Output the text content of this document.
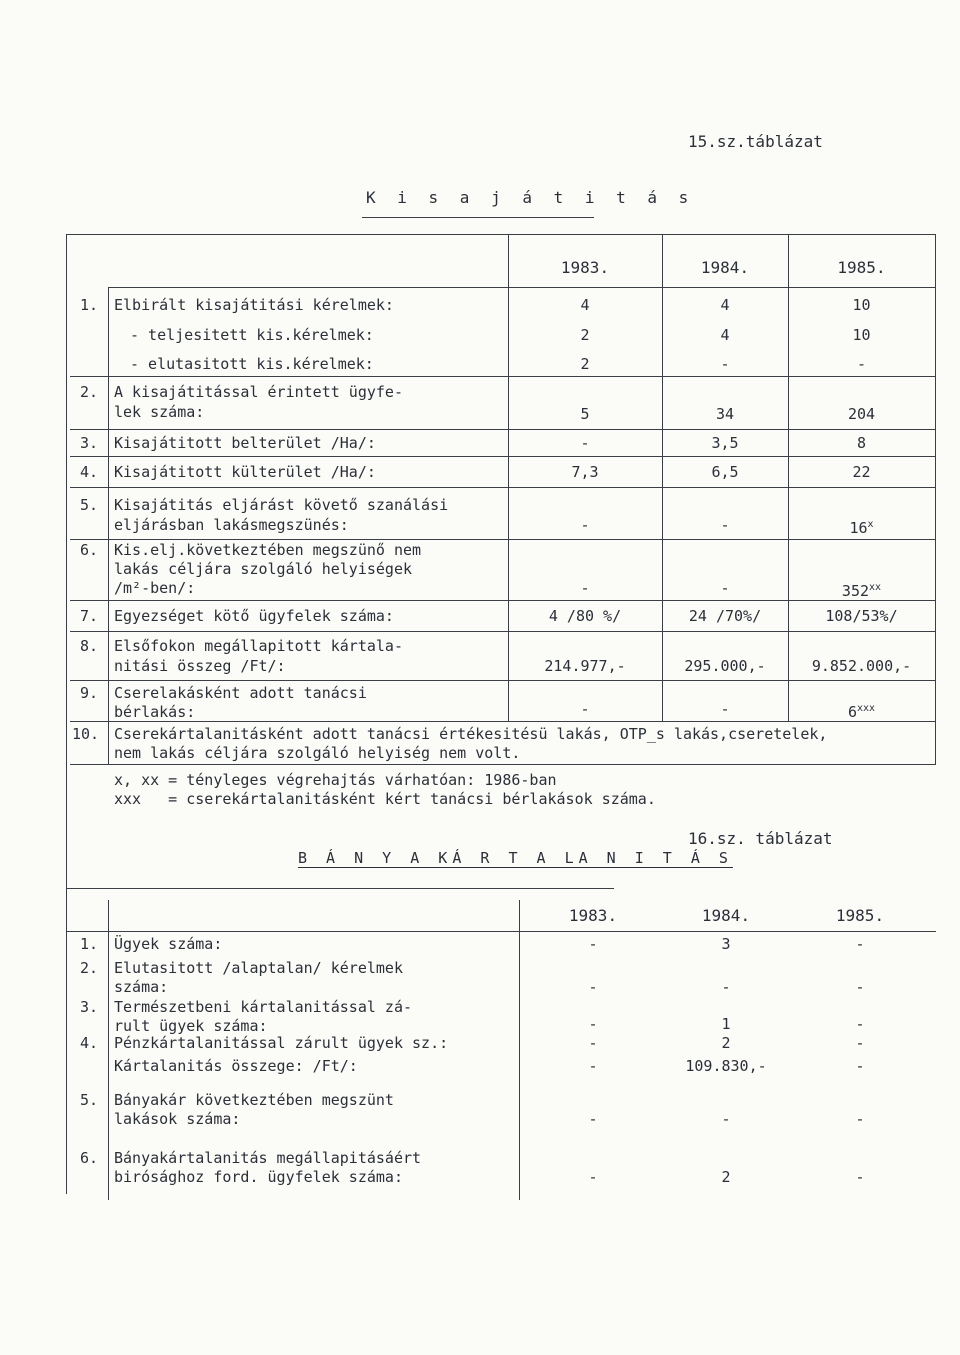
15.sz.táblázat
K i s a j á t i t á s
1983.	1984.	1985.
1. Elbirált kisajátitási kérelmek:	4	4	10
- teljesitett kis.kérelmek:	2	4	10
- elutasitott kis.kérelmek:	2	-	-
2. A kisajátitással érintett ügyfe-
lek száma:	5	34	204
3. Kisajátitott belterület /Ha/:	-	3,5	8
4. Kisajátitott külterület /Ha/:	7,3	6,5	22
5. Kisajátitás eljárást követő szanálási
eljárásban lakásmegszünés:	-	-	16$^x$
6. Kis.elj.következtében megszünő nem
lakás céljára szolgáló helyiségek
/m²-ben/:	-	-	352$^{xx}$
7. Egyezséget kötő ügyfelek száma:	4 /80 %/	24 /70%/	108/53%/
8. Elsőfokon megállapitott kártala-
nitási összeg /Ft/:	214.977,-	295.000,-	9.852.000,-
9. Cserelakásként adott tanácsi
bérlakás:	-	-	6$^{xxx}$
10. Cserekártalanitásként adott tanácsi értékesitésü lakás, OTP_s lakás,cseretelek,
nem lakás céljára szolgáló helyiség nem volt.
x, xx = tényleges végrehajtás várhatóan: 1986-ban
xxx   = cserekártalanitásként kért tanácsi bérlakások száma.
16.sz. táblázat
B Á N Y A KÁ R T A LA N I T Á S
1983.	1984.	1985.
1. Ügyek száma:	-	3	-
2. Elutasitott /alaptalan/ kérelmek
száma:	-	-	-
3. Természetbeni kártalanitással zá-
rult ügyek száma:	-	1	-
4. Pénzkártalanitással zárult ügyek sz.:	-	2	-
Kártalanitás összege: /Ft/:	-	109.830,-	-
5. Bányakár következtében megszünt
lakások száma:	-	-	-
6. Bányakártalanitás megállapitásáért
birósághoz ford. ügyfelek száma:	-	2	-
